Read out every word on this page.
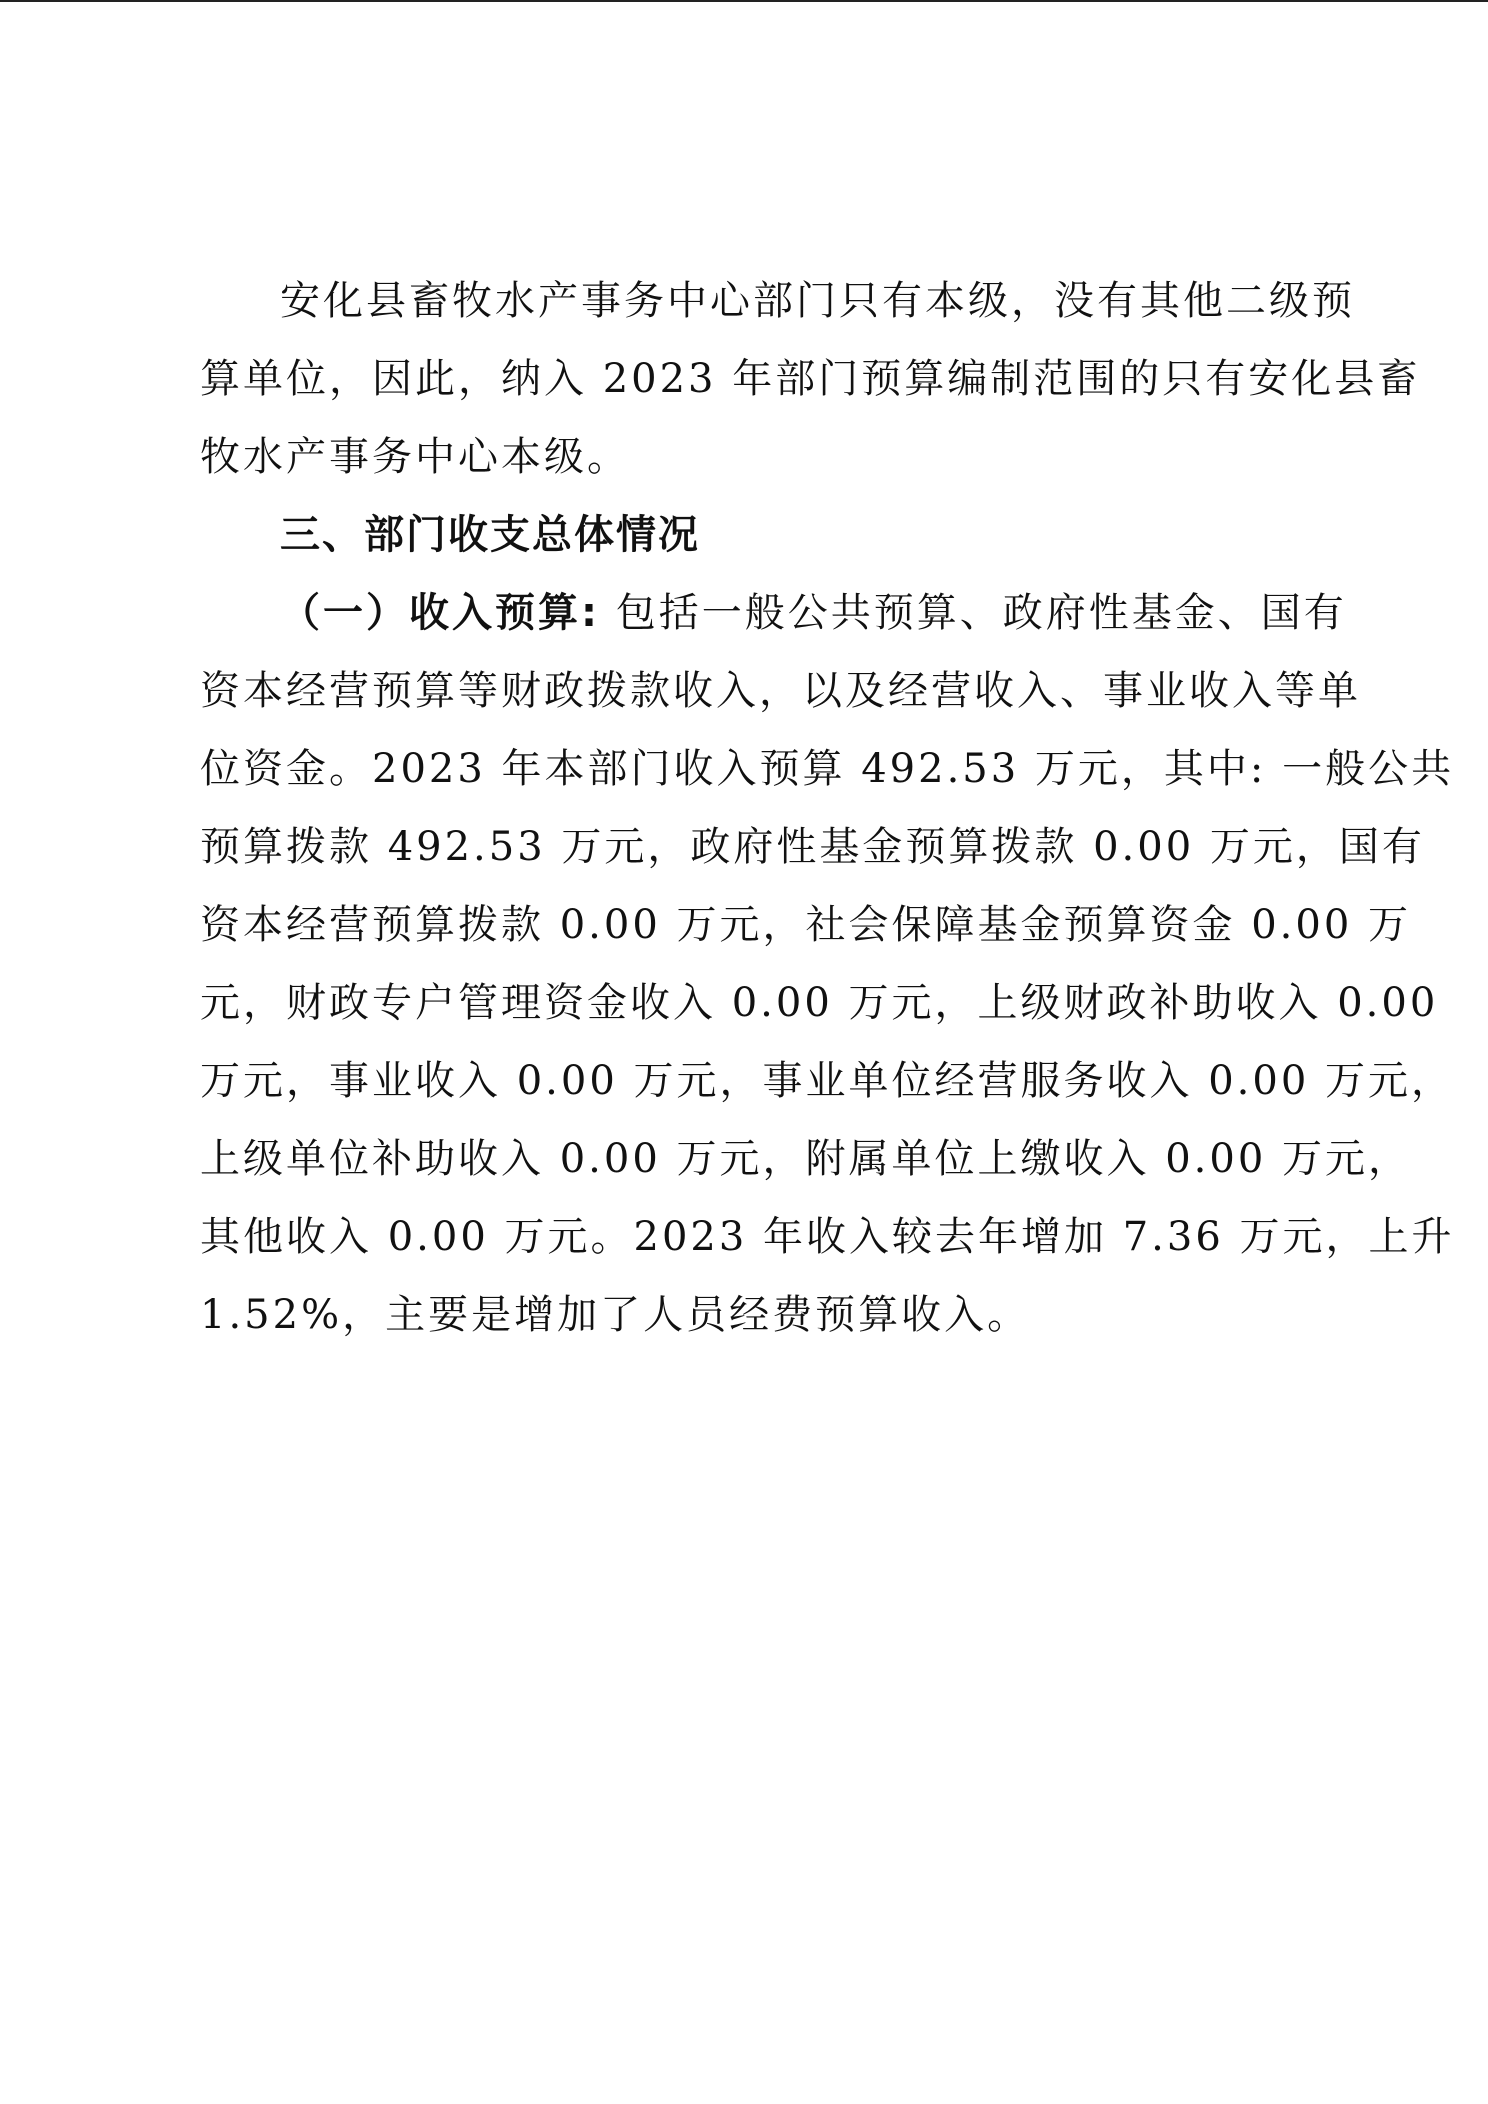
安化县畜牧水产事务中心部门只有本级，没有其他二级预
算单位，因此，纳入 2023 年部门预算编制范围的只有安化县畜
牧水产事务中心本级。
三、部门收支总体情况
（一）收入预算: 包括一般公共预算、政府性基金、国有
资本经营预算等财政拨款收入，以及经营收入、事业收入等单
位资金。2023 年本部门收入预算 492.53 万元，其中: 一般公共
预算拨款 492.53 万元，政府性基金预算拨款 0.00 万元，国有
资本经营预算拨款 0.00 万元，社会保障基金预算资金 0.00 万
元，财政专户管理资金收入 0.00 万元，上级财政补助收入 0.00
万元，事业收入 0.00 万元，事业单位经营服务收入 0.00 万元，
上级单位补助收入 0.00 万元，附属单位上缴收入 0.00 万元，
其他收入 0.00 万元。2023 年收入较去年增加 7.36 万元，上升
1.52%，主要是增加了人员经费预算收入。
